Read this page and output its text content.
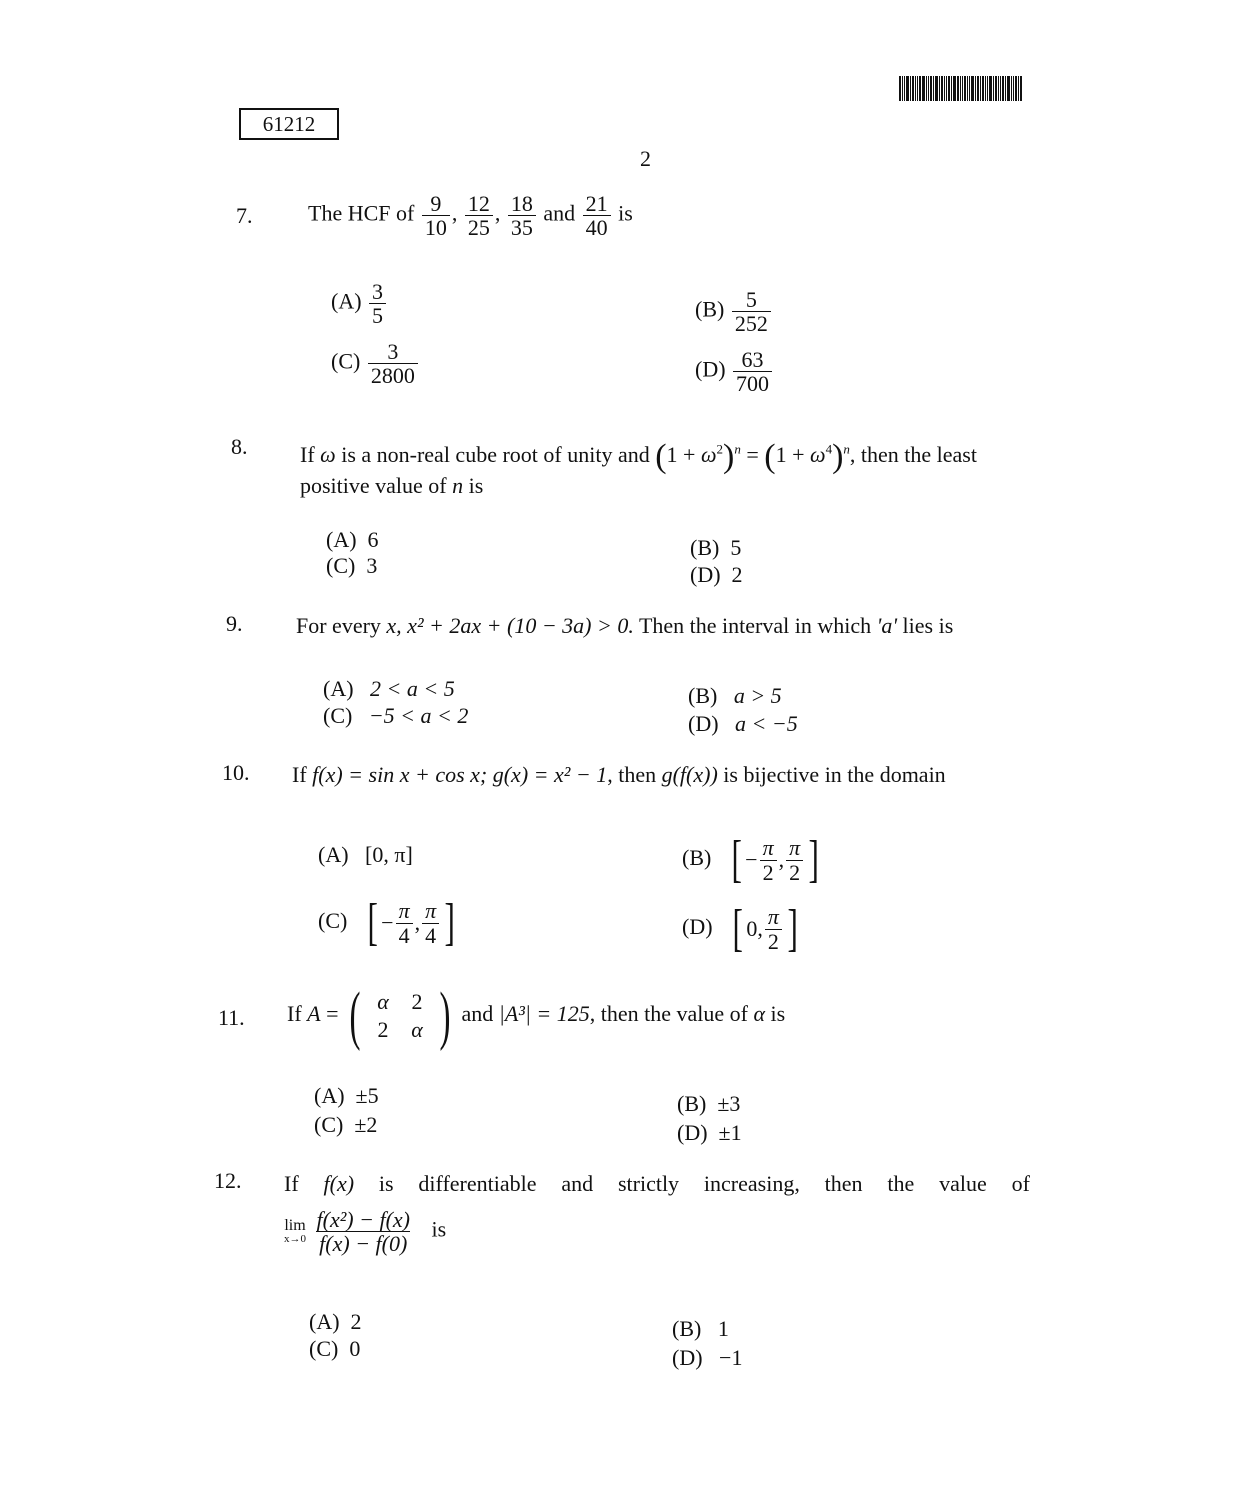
61212
2
7.	The HCF of $\frac{9}{10}$ , $\frac{12}{25}$ , $\frac{18}{35}$ and $\frac{21}{40}$ is
$(A) \frac{3}{5}$	$(B) \frac{5}{252}$
$(C) \frac{3}{2800}$	$(D) \frac{63}{700}$
8. If ω is a non-real cube root of unity and $(1 + \omega^2)^n = (1 + \omega^4)^n$, then the least
positive value of n is
(A) 6
(C) 3
(B) 5
(D) 2
9. For every x, x² + 2ax + (10 − 3a) > 0. Then the interval in which 'a' lies is
(A) 2 < a < 5
(C) −5 < a < 2
(B) a > 5
(D) a < −5
10. If f(x) = sin x + cos x; g(x) = x² − 1, then g(f(x)) is bijective in the domain
(A) [0, π]	(B) [ − $\frac{\pi}{2}$ , $\frac{\pi}{2}$ ]
(C) [ − $\frac{\pi}{4}$ , $\frac{\pi}{4}$ ]	(D) [ 0, $\frac{\pi}{2}$ ]
11. If A = ( α	2
2	α ) and |A³| = 125, then the value of α is
(A) ±5
(C) ±2
(B) ±3
(D) ±1
12. If f(x) is differentiable and strictly increasing, then the value of
lim
x→0
$\frac{\text{f(x²) − f(x)}}{f(x) - f(0)}$ is
(A) 2
(C) 0
(B) 1
(D) −1
